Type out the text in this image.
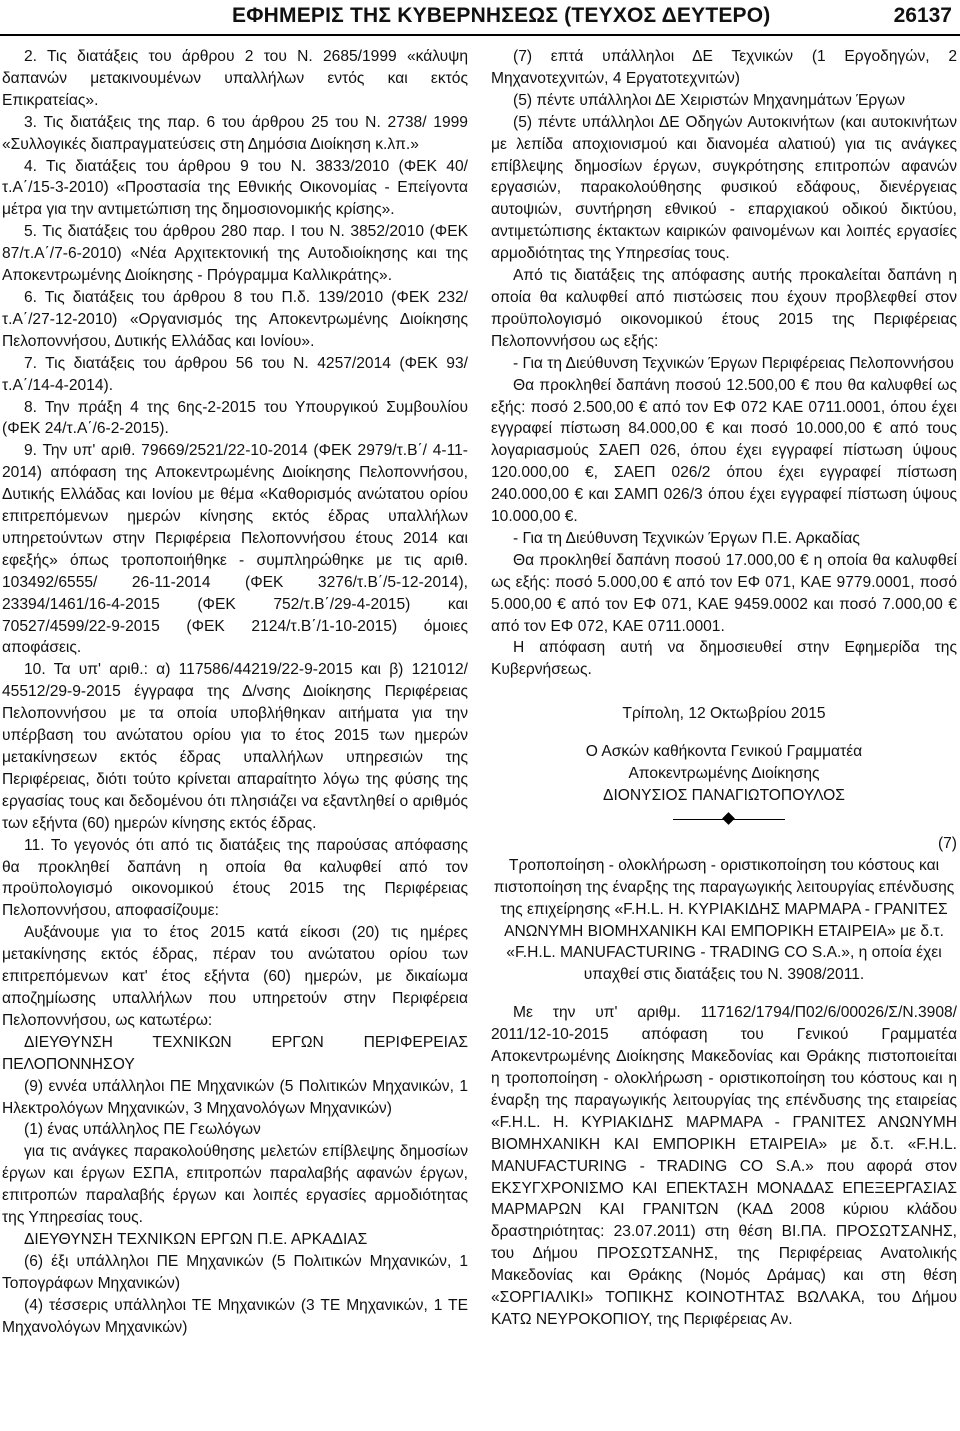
ΕΦΗΜΕΡΙΣ ΤΗΣ ΚΥΒΕΡΝΗΣΕΩΣ (ΤΕΥΧΟΣ ΔΕΥΤΕΡΟ)	26137

2. Τις διατάξεις του άρθρου 2 του Ν. 2685/1999 «κάλυψη δαπανών μετακινουμένων υπαλλήλων εντός και εκτός Επικρατείας».

3. Τις διατάξεις της παρ. 6 του άρθρου 25 του Ν. 2738/ 1999 «Συλλογικές διαπραγματεύσεις στη Δημόσια Διοίκηση κ.λπ.»

4. Τις διατάξεις του άρθρου 9 του Ν. 3833/2010 (ΦΕΚ 40/ τ.Α΄/15-3-2010) «Προστασία της Εθνικής Οικονομίας - Επείγοντα μέτρα για την αντιμετώπιση της δημοσιονομικής κρίσης».

5. Τις διατάξεις του άρθρου 280 παρ. Ι του Ν. 3852/2010 (ΦΕΚ 87/τ.Α΄/7-6-2010) «Νέα Αρχιτεκτονική της Αυτοδιοίκησης και της Αποκεντρωμένης Διοίκησης - Πρόγραμμα Καλλικράτης».

6. Τις διατάξεις του άρθρου 8 του Π.δ. 139/2010 (ΦΕΚ 232/ τ.Α΄/27-12-2010) «Οργανισμός της Αποκεντρωμένης Διοίκησης Πελοποννήσου, Δυτικής Ελλάδας και Ιονίου».

7. Τις διατάξεις του άρθρου 56 του Ν. 4257/2014 (ΦΕΚ 93/ τ.Α΄/14-4-2014).

8. Την πράξη 4 της 6ης-2-2015 του Υπουργικού Συμβουλίου (ΦΕΚ 24/τ.Α΄/6-2-2015).

9. Την υπ' αριθ. 79669/2521/22-10-2014 (ΦΕΚ 2979/τ.Β΄/ 4-11-2014) απόφαση της Αποκεντρωμένης Διοίκησης Πελοποννήσου, Δυτικής Ελλάδας και Ιονίου με θέμα «Καθορισμός ανώτατου ορίου επιτρεπόμενων ημερών κίνησης εκτός έδρας υπαλλήλων υπηρετούντων στην Περιφέρεια Πελοποννήσου έτους 2014 και εφεξής» όπως τροποποιήθηκε - συμπληρώθηκε με τις αριθ. 103492/6555/ 26-11-2014 (ΦΕΚ 3276/τ.Β΄/5-12-2014), 23394/1461/16-4-2015 (ΦΕΚ 752/τ.Β΄/29-4-2015) και 70527/4599/22-9-2015 (ΦΕΚ 2124/τ.Β΄/1-10-2015) όμοιες αποφάσεις.

10. Τα υπ' αριθ.: α) 117586/44219/22-9-2015 και β) 121012/ 45512/29-9-2015 έγγραφα της Δ/νσης Διοίκησης Περιφέρειας Πελοποννήσου με τα οποία υποβλήθηκαν αιτήματα για την υπέρβαση του ανώτατου ορίου για το έτος 2015 των ημερών μετακίνησεων εκτός έδρας υπαλλήλων υπηρεσιών της Περιφέρειας, διότι τούτο κρίνεται απαραίτητο λόγω της φύσης της εργασίας τους και δεδομένου ότι πλησιάζει να εξαντληθεί ο αριθμός των εξήντα (60) ημερών κίνησης εκτός έδρας.

11. Το γεγονός ότι από τις διατάξεις της παρούσας απόφασης θα προκληθεί δαπάνη η οποία θα καλυφθεί από τον προϋπολογισμό οικονομικού έτους 2015 της Περιφέρειας Πελοποννήσου, αποφασίζουμε:

Αυξάνουμε για το έτος 2015 κατά είκοσι (20) τις ημέρες μετακίνησης εκτός έδρας, πέραν του ανώτατου ορίου των επιτρεπόμενων κατ' έτος εξήντα (60) ημερών, με δικαίωμα αποζημίωσης υπαλλήλων που υπηρετούν στην Περιφέρεια Πελοποννήσου, ως κατωτέρω:

ΔΙΕΥΘΥΝΣΗ ΤΕΧΝΙΚΩΝ ΕΡΓΩΝ ΠΕΡΙΦΕΡΕΙΑΣ ΠΕΛΟΠΟΝΝΗΣΟΥ

(9) εννέα υπάλληλοι ΠΕ Μηχανικών (5 Πολιτικών Μηχανικών, 1 Ηλεκτρολόγων Μηχανικών, 3 Μηχανολόγων Μηχανικών)

(1) ένας υπάλληλος ΠΕ Γεωλόγων

για τις ανάγκες παρακολούθησης μελετών επίβλεψης δημοσίων έργων και έργων ΕΣΠΑ, επιτροπών παραλαβής αφανών έργων, επιτροπών παραλαβής έργων και λοιπές εργασίες αρμοδιότητας της Υπηρεσίας τους.

ΔΙΕΥΘΥΝΣΗ ΤΕΧΝΙΚΩΝ ΕΡΓΩΝ Π.Ε. ΑΡΚΑΔΙΑΣ

(6) έξι υπάλληλοι ΠΕ Μηχανικών (5 Πολιτικών Μηχανικών, 1 Τοπογράφων Μηχανικών)

(4) τέσσερις υπάλληλοι ΤΕ Μηχανικών (3 ΤΕ Μηχανικών, 1 ΤΕ Μηχανολόγων Μηχανικών)

(7) επτά υπάλληλοι ΔΕ Τεχνικών (1 Εργοδηγών, 2 Μηχανοτεχνιτών, 4 Εργατοτεχνιτών)

(5) πέντε υπάλληλοι ΔΕ Χειριστών Μηχανημάτων Έργων

(5) πέντε υπάλληλοι ΔΕ Οδηγών Αυτοκινήτων (και αυτοκινήτων με λεπίδα αποχιονισμού και διανομέα αλατιού) για τις ανάγκες επίβλεψης δημοσίων έργων, συγκρότησης επιτροπών αφανών εργασιών, παρακολούθησης φυσικού εδάφους, διενέργειας αυτοψιών, συντήρηση εθνικού - επαρχιακού οδικού δικτύου, αντιμετώπισης έκτακτων καιρικών φαινομένων και λοιπές εργασίες αρμοδιότητας της Υπηρεσίας τους.

Από τις διατάξεις της απόφασης αυτής προκαλείται δαπάνη η οποία θα καλυφθεί από πιστώσεις που έχουν προβλεφθεί στον προϋπολογισμό οικονομικού έτους 2015 της Περιφέρειας Πελοποννήσου ως εξής:

- Για τη Διεύθυνση Τεχνικών Έργων Περιφέρειας Πελοποννήσου

Θα προκληθεί δαπάνη ποσού 12.500,00 € που θα καλυφθεί ως εξής: ποσό 2.500,00 € από τον ΕΦ 072 ΚΑΕ 0711.0001, όπου έχει εγγραφεί πίστωση 84.000,00 € και ποσό 10.000,00 € από τους λογαριασμούς ΣΑΕΠ 026, όπου έχει εγγραφεί πίστωση ύψους 120.000,00 €, ΣΑΕΠ 026/2 όπου έχει εγγραφεί πίστωση 240.000,00 € και ΣΑΜΠ 026/3 όπου έχει εγγραφεί πίστωση ύψους 10.000,00 €.

- Για τη Διεύθυνση Τεχνικών Έργων Π.Ε. Αρκαδίας

Θα προκληθεί δαπάνη ποσού 17.000,00 € η οποία θα καλυφθεί ως εξής: ποσό 5.000,00 € από τον ΕΦ 071, ΚΑΕ 9779.0001, ποσό 5.000,00 € από τον ΕΦ 071, ΚΑΕ 9459.0002 και ποσό 7.000,00 € από τον ΕΦ 072, ΚΑΕ 0711.0001.

Η απόφαση αυτή να δημοσιευθεί στην Εφημερίδα της Κυβερνήσεως.

Τρίπολη, 12 Οκτωβρίου 2015

Ο Ασκών καθήκοντα Γενικού Γραμματέα

Αποκεντρωμένης Διοίκησης

ΔΙΟΝΥΣΙΟΣ ΠΑΝΑΓΙΩΤΟΠΟΥΛΟΣ

(7)

Τροποποίηση - ολοκλήρωση - οριστικοποίηση του κόστους και πιστοποίηση της έναρξης της παραγωγικής λειτουργίας επένδυσης της επιχείρησης «F.H.L. Η. ΚΥΡΙΑΚΙΔΗΣ ΜΑΡΜΑΡΑ - ΓΡΑΝΙΤΕΣ ΑΝΩΝΥΜΗ ΒΙΟΜΗΧΑΝΙΚΗ ΚΑΙ ΕΜΠΟΡΙΚΗ ΕΤΑΙΡΕΙΑ» με δ.τ. «F.H.L. MANUFACTURING - TRADING CO S.A.», η οποία έχει υπαχθεί στις διατάξεις του Ν. 3908/2011.

Με την υπ' αριθμ. 117162/1794/Π02/6/00026/Σ/Ν.3908/ 2011/12-10-2015 απόφαση του Γενικού Γραμματέα Αποκεντρωμένης Διοίκησης Μακεδονίας και Θράκης πιστοποιείται η τροποποίηση - ολοκλήρωση - οριστικοποίηση του κόστους και η έναρξη της παραγωγικής λειτουργίας της επένδυσης της εταιρείας «F.H.L. Η. ΚΥΡΙΑΚΙΔΗΣ ΜΑΡΜΑΡΑ - ΓΡΑΝΙΤΕΣ ΑΝΩΝΥΜΗ ΒΙΟΜΗΧΑΝΙΚΗ ΚΑΙ ΕΜΠΟΡΙΚΗ ΕΤΑΙΡΕΙΑ» με δ.τ. «F.H.L. MANUFACTURING - TRADING CO S.A.» που αφορά στον ΕΚΣΥΓΧΡΟΝΙΣΜΟ ΚΑΙ ΕΠΕΚΤΑΣΗ ΜΟΝΑΔΑΣ ΕΠΕΞΕΡΓΑΣΙΑΣ ΜΑΡΜΑΡΩΝ ΚΑΙ ΓΡΑΝΙΤΩΝ (ΚΑΔ 2008 κύριου κλάδου δραστηριότητας: 23.07.2011) στη θέση ΒΙ.ΠΑ. ΠΡΟΣΩΤΣΑΝΗΣ, του Δήμου ΠΡΟΣΩΤΣΑΝΗΣ, της Περιφέρειας Ανατολικής Μακεδονίας και Θράκης (Νομός Δράμας) και στη θέση «ΣΟΡΓΙΑΛΙΚΙ» ΤΟΠΙΚΗΣ ΚΟΙΝΟΤΗΤΑΣ ΒΩΛΑΚΑ, του Δήμου ΚΑΤΩ ΝΕΥΡΟΚΟΠΙΟΥ, της Περιφέρειας Αν.
